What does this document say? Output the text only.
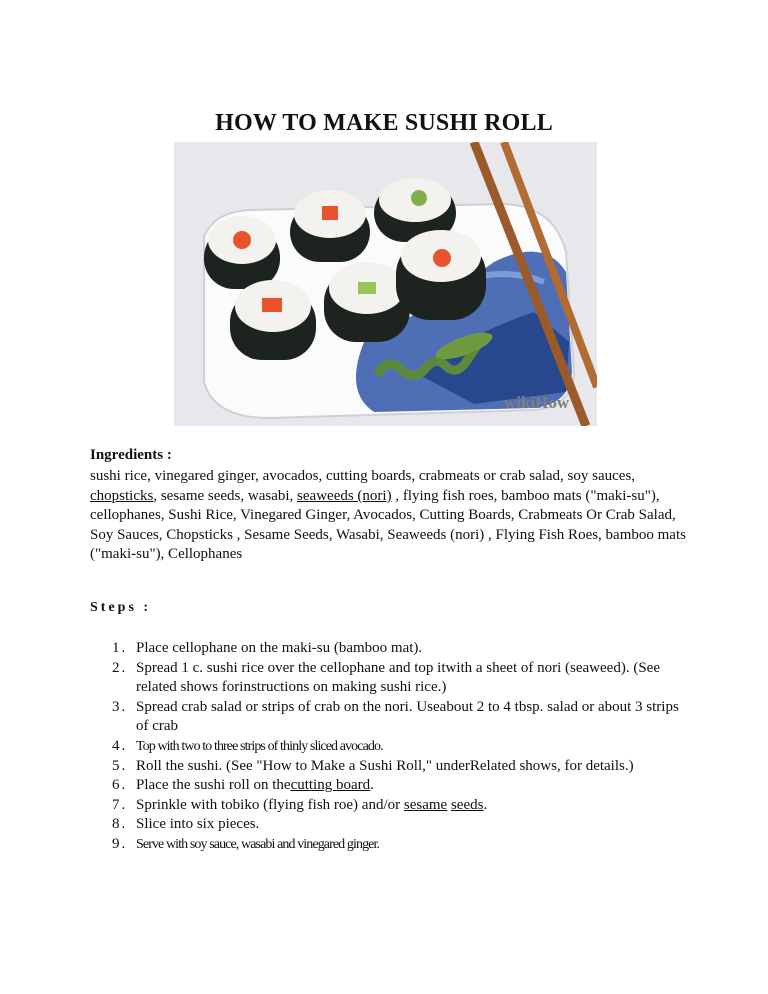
HOW TO MAKE SUSHI ROLL
wikiHow
Ingredients :
sushi rice, vinegared ginger, avocados, cutting boards, crabmeats or crab salad, soy sauces, chopsticks, sesame seeds, wasabi, seaweeds (nori) , flying fish roes, bamboo mats ("maki-su"), cellophanes, Sushi Rice, Vinegared Ginger, Avocados, Cutting Boards, Crabmeats Or Crab Salad, Soy Sauces, Chopsticks , Sesame Seeds, Wasabi, Seaweeds (nori) , Flying Fish Roes, bamboo mats ("maki-su"), Cellophanes
Steps :
1. Place cellophane on the maki-su (bamboo mat).
2. Spread 1 c. sushi rice over the cellophane and top itwith a sheet of nori (seaweed). (See related shows forinstructions on making sushi rice.)
3. Spread crab salad or strips of crab on the nori. Useabout 2 to 4 tbsp. salad or about 3 strips of crab
4. Top with two to three strips of thinly sliced avocado.
5. Roll the sushi. (See "How to Make a Sushi Roll," underRelated shows, for details.)
6. Place the sushi roll on thecutting board.
7. Sprinkle with tobiko (flying fish roe) and/or sesame seeds.
8. Slice into six pieces.
9. Serve with soy sauce, wasabi and vinegared ginger.
